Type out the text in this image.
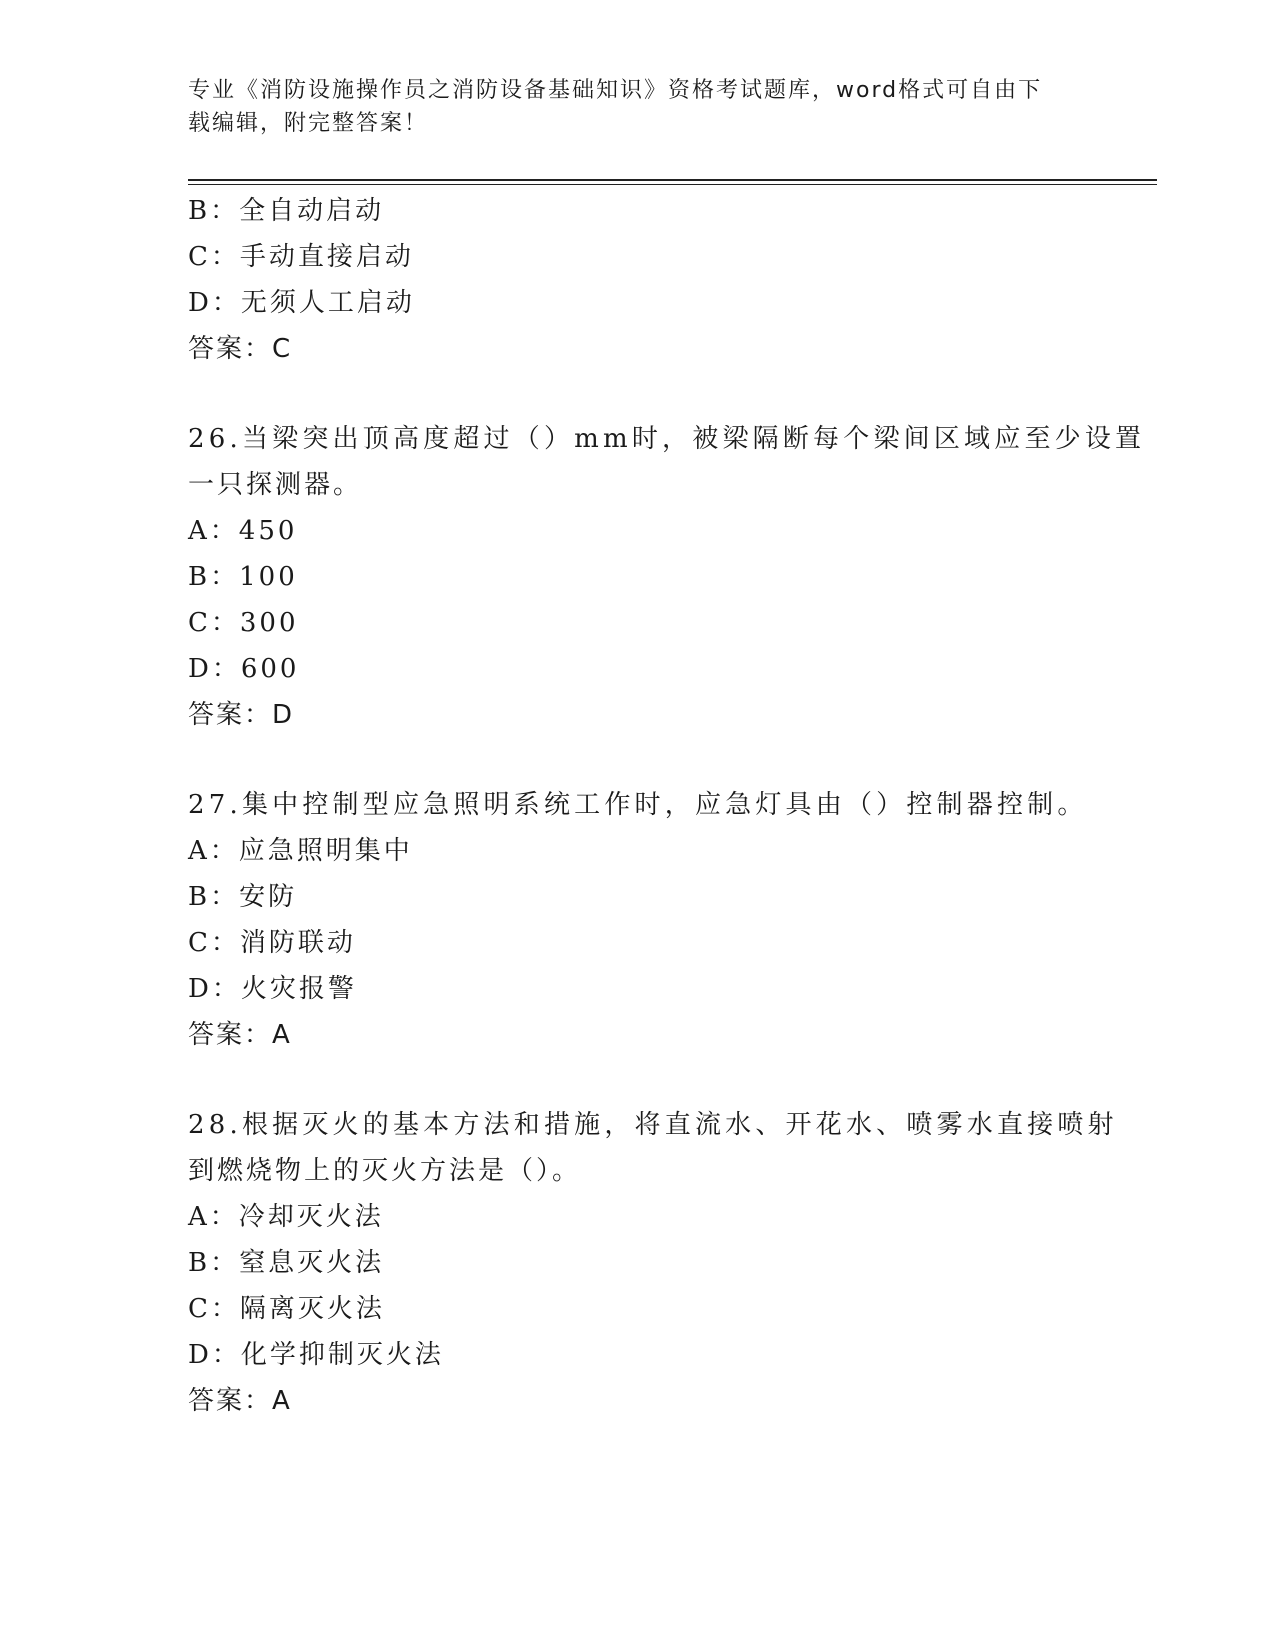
专业《消防设施操作员之消防设备基础知识》资格考试题库，word格式可自由下
载编辑，附完整答案！
B：全自动启动
C：手动直接启动
D：无须人工启动
答案：C
26.当梁突出顶高度超过（）mm时，被梁隔断每个梁间区域应至少设置
一只探测器。
A：450
B：100
C：300
D：600
答案：D
27.集中控制型应急照明系统工作时，应急灯具由（）控制器控制。
A：应急照明集中
B：安防
C：消防联动
D：火灾报警
答案：A
28.根据灭火的基本方法和措施，将直流水、开花水、喷雾水直接喷射
到燃烧物上的灭火方法是（）。
A：冷却灭火法
B：窒息灭火法
C：隔离灭火法
D：化学抑制灭火法
答案：A
